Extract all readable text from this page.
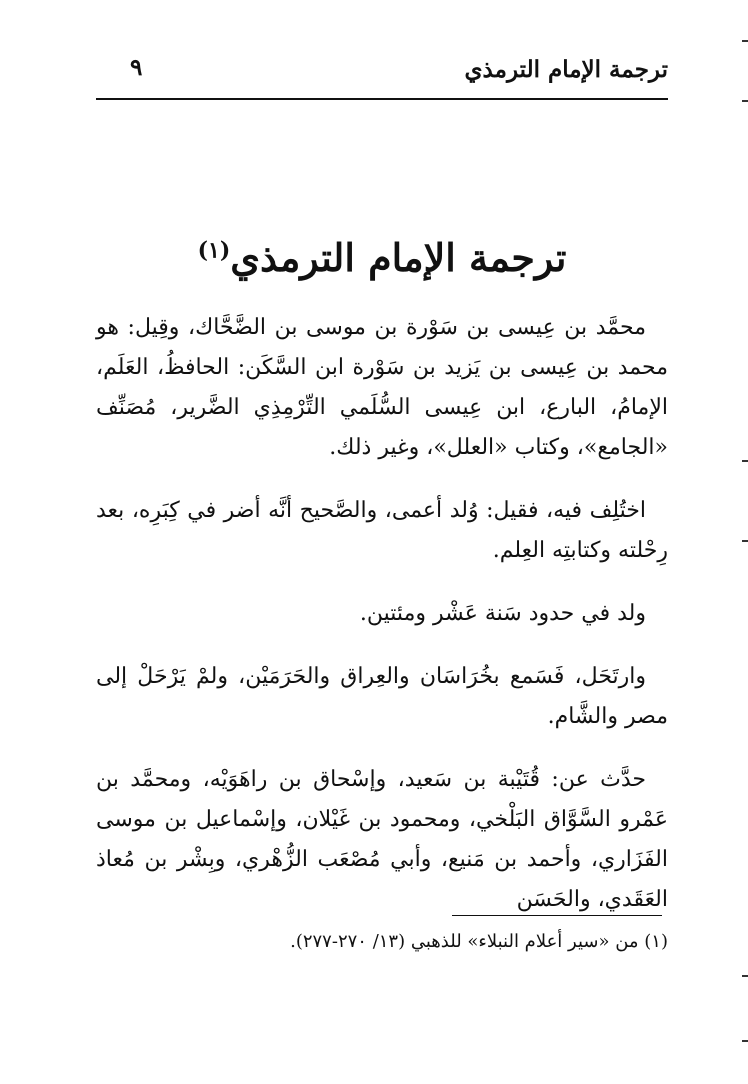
ترجمة الإمام الترمذي
٩
ترجمة الإمام الترمذي$^{(١)}$

محمَّد بن عِيسى بن سَوْرة بن موسى بن الضَّحَّاك، وقِيل: هو محمد بن عِيسى بن يَزيد بن سَوْرة ابن السَّكَن: الحافظُ، العَلَم، الإمامُ، البارع، ابن عِيسى السُّلَمي التِّرْمِذِي الضَّرير، مُصَنِّف «الجامع»، وكتاب «العلل»، وغير ذلك.

اختُلِف فيه، فقيل: وُلد أعمى، والصَّحيح أنَّه أضر في كِبَرِه، بعد رِحْلته وكتابتِه العِلم.

ولد في حدود سَنة عَشْر ومئتين.

وارتَحَل، فَسَمع بخُرَاسَان والعِراق والحَرَمَيْن، ولمْ يَرْحَلْ إلى مصر والشَّام.

حدَّث عن: قُتَيْبة بن سَعيد، وإسْحاق بن راهَوَيْه، ومحمَّد بن عَمْرو السَّوَّاق البَلْخي، ومحمود بن غَيْلان، وإسْماعيل بن موسى الفَزَاري، وأحمد بن مَنيع، وأبي مُصْعَب الزُّهْري، وبِشْر بن مُعاذ العَقَدي، والحَسَن

(١) من «سير أعلام النبلاء» للذهبي (١٣/ ٢٧٠-٢٧٧).
